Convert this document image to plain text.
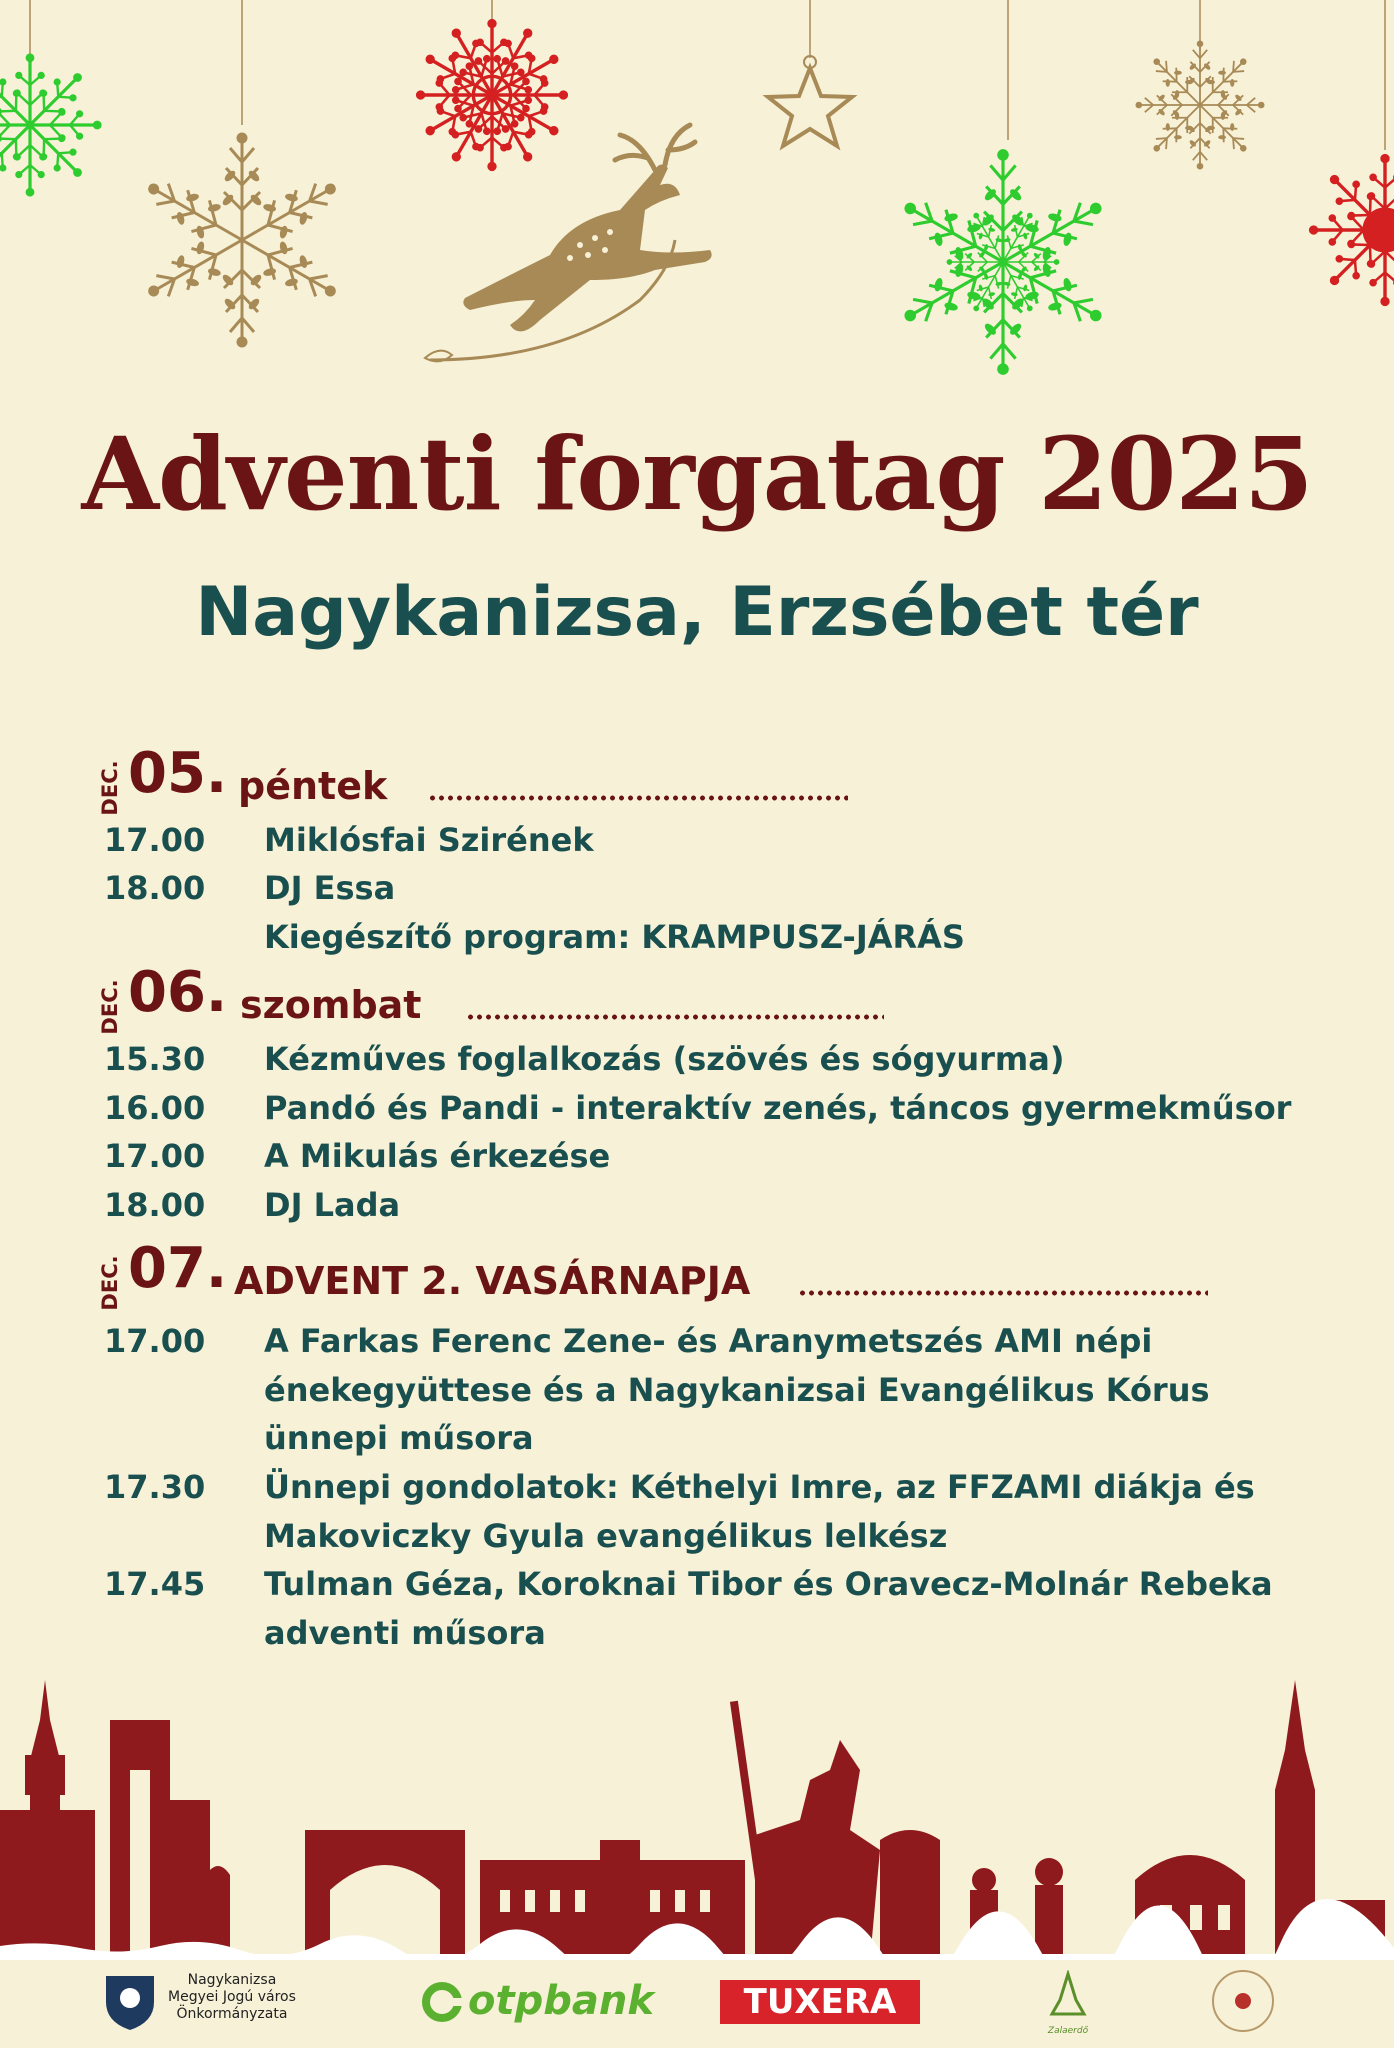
Adventi forgatag 2025
Nagykanizsa, Erzsébet tér
DEC. 05. péntek
17.00 Miklósfai Szirének
18.00 DJ Essa
Kiegészítő program: KRAMPUSZ-JÁRÁS
DEC. 06. szombat
15.30 Kézműves foglalkozás (szövés és sógyurma)
16.00 Pandó és Pandi - interaktív zenés, táncos gyermekműsor
17.00 A Mikulás érkezése
18.00 DJ Lada
DEC. 07. ADVENT 2. VASÁRNAPJA
17.00 A Farkas Ferenc Zene- és Aranymetszés AMI népi
énekegyüttese és a Nagykanizsai Evangélikus Kórus
ünnepi műsora
17.30 Ünnepi gondolatok: Kéthelyi Imre, az FFZAMI diákja és
Makoviczky Gyula evangélikus lelkész
17.45 Tulman Géza, Koroknai Tibor és Oravecz-Molnár Rebeka
adventi műsora
Nagykanizsa
Megyei Jogú város
Önkormányzata	otpbank	TUXERA
Zalaerdő
